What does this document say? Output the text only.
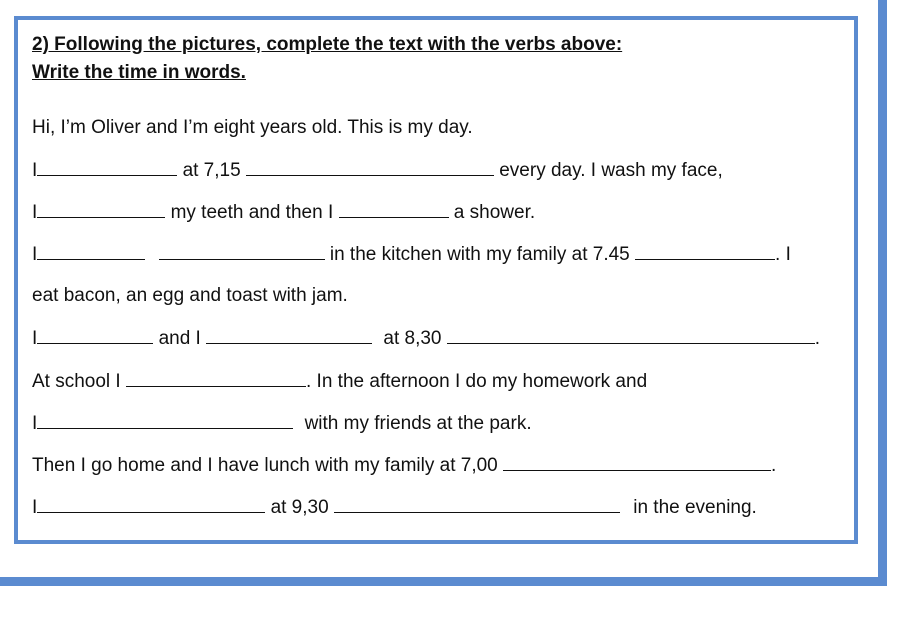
2) Following the pictures, complete the text with the verbs above:
Write the time in words.
Hi, I’m Oliver and I’m eight years old. This is my day.
I	at 7,15	every day. I wash my face,
I	my teeth and then I	a shower.
I	in the kitchen with my family at 7.45	. I
eat bacon, an egg and toast with jam.
I	and I	at 8,30	.
At school I	. In the afternoon I do my homework and
I	with my friends at the park.
Then I go home and I have lunch with my family at 7,00	.
I	at 9,30	in the evening.
